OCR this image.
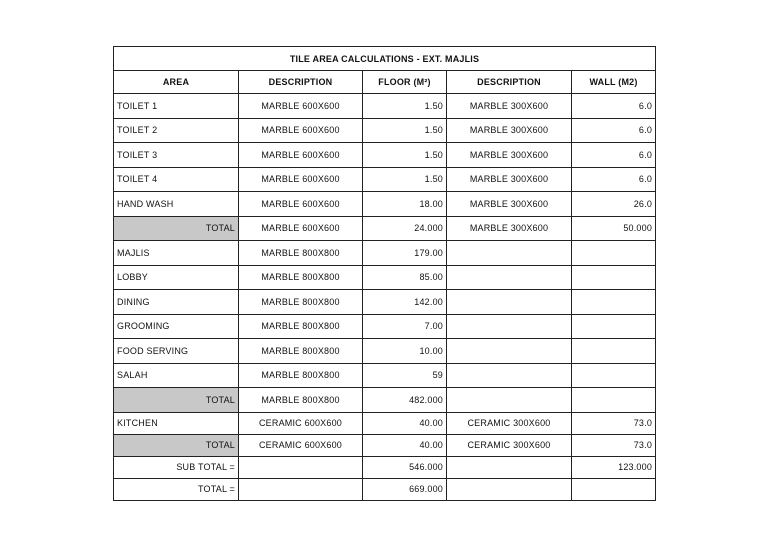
TILE AREA CALCULATIONS - EXT. MAJLIS				
AREA	DESCRIPTION	FLOOR (M²)	DESCRIPTION	WALL (M2)
TOILET 1	MARBLE 600X600	1.50	MARBLE 300X600	6.0
TOILET 2	MARBLE 600X600	1.50	MARBLE 300X600	6.0
TOILET 3	MARBLE 600X600	1.50	MARBLE 300X600	6.0
TOILET 4	MARBLE 600X600	1.50	MARBLE 300X600	6.0
HAND WASH	MARBLE 600X600	18.00	MARBLE 300X600	26.0
TOTAL	MARBLE 600X600	24.000	MARBLE 300X600	50.000
MAJLIS	MARBLE 800X800	179.00		
LOBBY	MARBLE 800X800	85.00		
DINING	MARBLE 800X800	142.00		
GROOMING	MARBLE 800X800	7.00		
FOOD SERVING	MARBLE 800X800	10.00		
SALAH	MARBLE 800X800	59		
TOTAL	MARBLE 800X800	482.000		
KITCHEN	CERAMIC 600X600	40.00	CERAMIC 300X600	73.0
TOTAL	CERAMIC 600X600	40.00	CERAMIC 300X600	73.0
SUB TOTAL =		546.000		123.000
TOTAL =		669.000		
